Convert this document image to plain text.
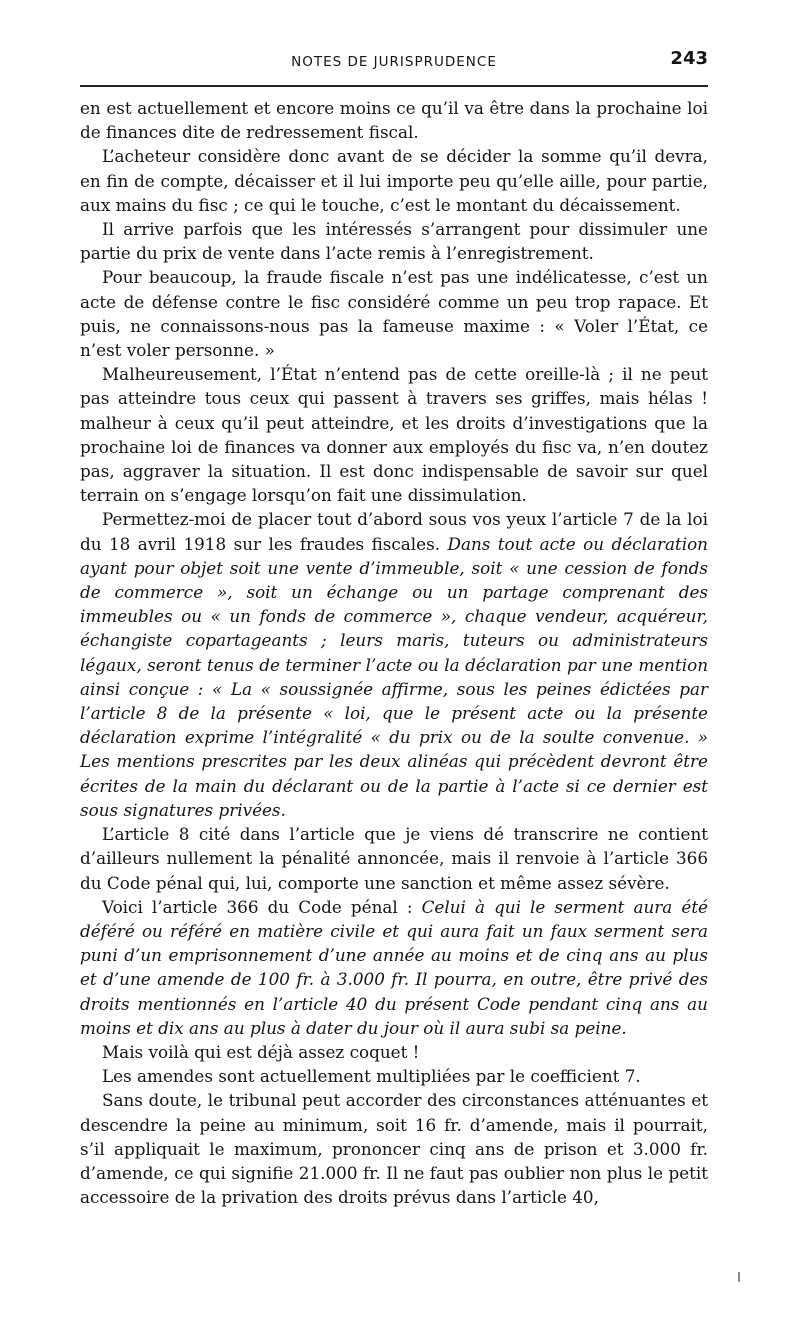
NOTES DE JURISPRUDENCE	243

en est actuellement et encore moins ce qu’il va être dans la prochaine loi de finances dite de redressement fiscal.

L’acheteur considère donc avant de se décider la somme qu’il devra, en fin de compte, décaisser et il lui importe peu qu’elle aille, pour partie, aux mains du fisc ; ce qui le touche, c’est le montant du décaissement.

Il arrive parfois que les intéressés s’arrangent pour dissimuler une partie du prix de vente dans l’acte remis à l’enregistrement.

Pour beaucoup, la fraude fiscale n’est pas une indélicatesse, c’est un acte de défense contre le fisc considéré comme un peu trop rapace. Et puis, ne connaissons-nous pas la fameuse maxime : « Voler l’État, ce n’est voler personne. »

Malheureusement, l’État n’entend pas de cette oreille-là ; il ne peut pas atteindre tous ceux qui passent à travers ses griffes, mais hélas ! malheur à ceux qu’il peut atteindre, et les droits d’investigations que la prochaine loi de finances va donner aux employés du fisc va, n’en doutez pas, aggraver la situation. Il est donc indispensable de savoir sur quel terrain on s’engage lorsqu’on fait une dissimulation.

Permettez-moi de placer tout d’abord sous vos yeux l’article 7 de la loi du 18 avril 1918 sur les fraudes fiscales. Dans tout acte ou déclaration ayant pour objet soit une vente d’immeuble, soit « une cession de fonds de commerce », soit un échange ou un partage comprenant des immeubles ou « un fonds de commerce », chaque vendeur, acquéreur, échangiste copartageants ; leurs maris, tuteurs ou administrateurs légaux, seront tenus de terminer l’acte ou la déclaration par une mention ainsi conçue : « La « soussignée affirme, sous les peines édictées par l’article 8 de la présente « loi, que le présent acte ou la présente déclaration exprime l’intégralité « du prix ou de la soulte convenue. » Les mentions prescrites par les deux alinéas qui précèdent devront être écrites de la main du déclarant ou de la partie à l’acte si ce dernier est sous signatures privées.

L’article 8 cité dans l’article que je viens dé transcrire ne contient d’ailleurs nullement la pénalité annoncée, mais il renvoie à l’article 366 du Code pénal qui, lui, comporte une sanction et même assez sévère.

Voici l’article 366 du Code pénal : Celui à qui le serment aura été déféré ou référé en matière civile et qui aura fait un faux serment sera puni d’un emprisonnement d’une année au moins et de cinq ans au plus et d’une amende de 100 fr. à 3.000 fr. Il pourra, en outre, être privé des droits mentionnés en l’article 40 du présent Code pendant cinq ans au moins et dix ans au plus à dater du jour où il aura subi sa peine.

Mais voilà qui est déjà assez coquet !

Les amendes sont actuellement multipliées par le coefficient 7.

Sans doute, le tribunal peut accorder des circonstances atténuantes et descendre la peine au minimum, soit 16 fr. d’amende, mais il pourrait, s’il appliquait le maximum, prononcer cinq ans de prison et 3.000 fr. d’amende, ce qui signifie 21.000 fr. Il ne faut pas oublier non plus le petit accessoire de la privation des droits prévus dans l’article 40,
